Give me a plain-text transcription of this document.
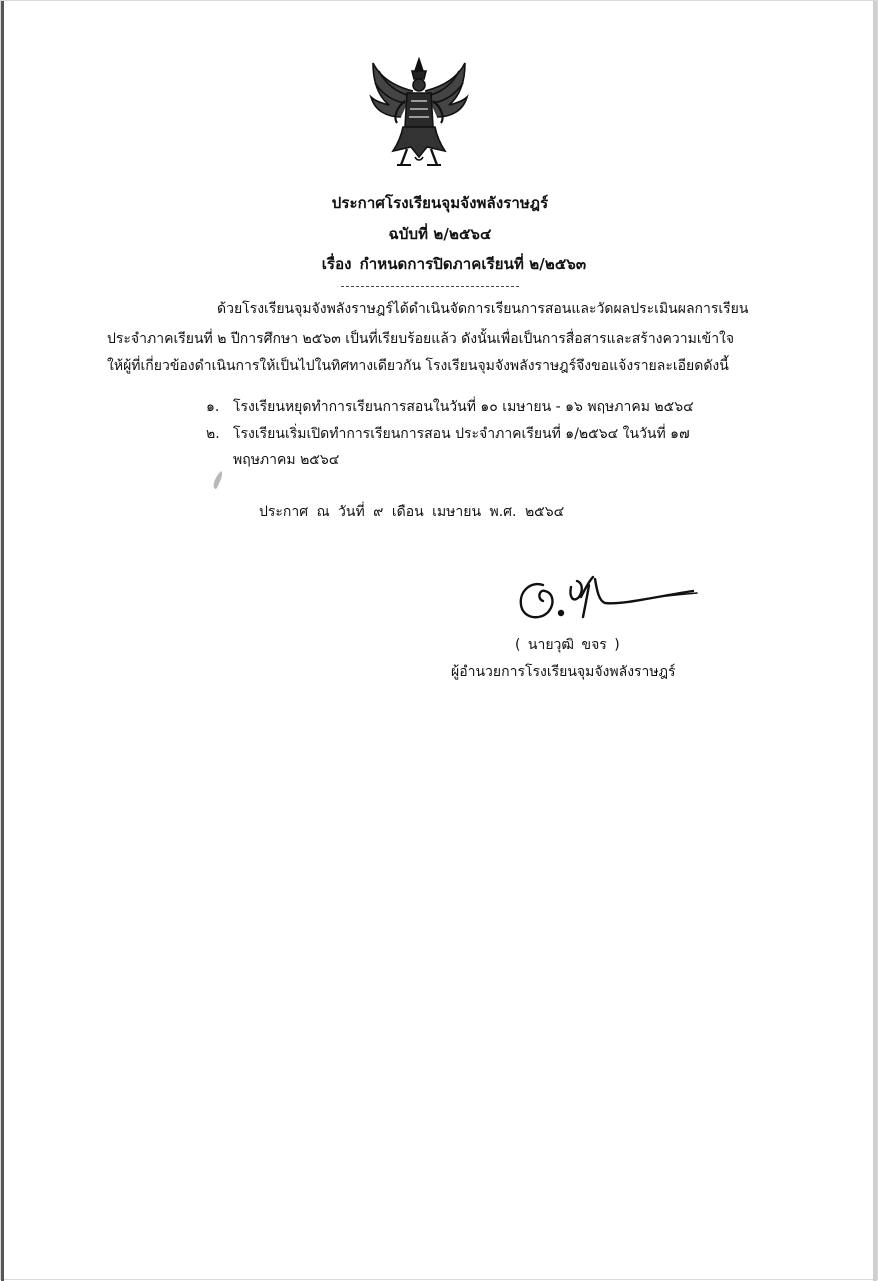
ประกาศโรงเรียนจุมจังพลังราษฎร์
ฉบับที่ ๒/๒๕๖๔
เรื่อง กำหนดการปิดภาคเรียนที่ ๒/๒๕๖๓
ด้วยโรงเรียนจุมจังพลังราษฎร์ได้ดำเนินจัดการเรียนการสอนและวัดผลประเมินผลการเรียน
ประจำภาคเรียนที่ ๒ ปีการศึกษา ๒๕๖๓ เป็นที่เรียบร้อยแล้ว ดังนั้นเพื่อเป็นการสื่อสารและสร้างความเข้าใจ
ให้ผู้ที่เกี่ยวข้องดำเนินการให้เป็นไปในทิศทางเดียวกัน โรงเรียนจุมจังพลังราษฎร์จึงขอแจ้งรายละเอียดดังนี้
๑. โรงเรียนหยุดทำการเรียนการสอนในวันที่ ๑๐ เมษายน - ๑๖ พฤษภาคม ๒๕๖๔
๒. โรงเรียนเริ่มเปิดทำการเรียนการสอน ประจำภาคเรียนที่ ๑/๒๕๖๔ ในวันที่ ๑๗
พฤษภาคม ๒๕๖๔
ประกาศ ณ วันที่ ๙ เดือน เมษายน พ.ศ. ๒๕๖๔
( นายวุฒิ ขจร )
ผู้อำนวยการโรงเรียนจุมจังพลังราษฎร์
